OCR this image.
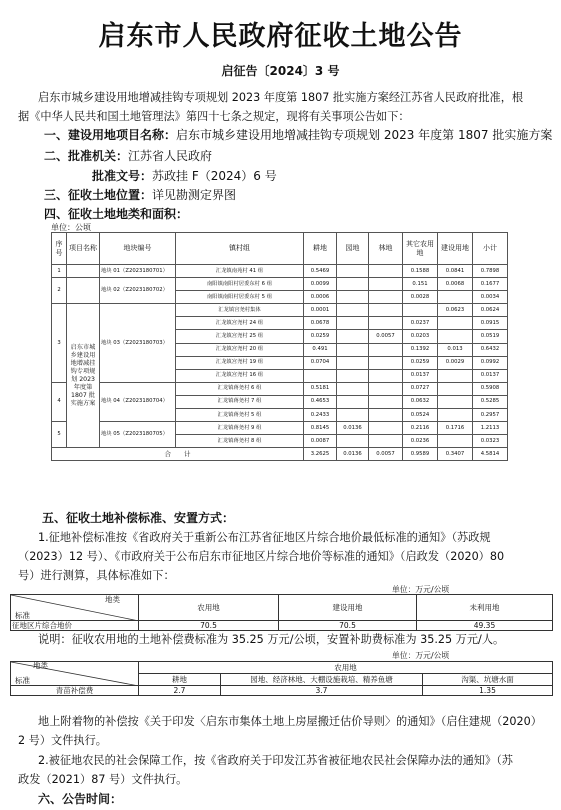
启东市人民政府征收土地公告
启征告〔2024〕3 号
启东市城乡建设用地增减挂钩专项规划 2023 年度第 1807 批实施方案经江苏省人民政府批准，根
据《中华人民共和国土地管理法》第四十七条之规定，现将有关事项公告如下：
一、建设用地项目名称：启东市城乡建设用地增减挂钩专项规划 2023 年度第 1807 批实施方案
二、批准机关：江苏省人民政府
批准文号：苏政挂 F（2024）6 号
三、征收土地位置：详见勘测定界图
四、征收土地地类和面积：
单位：公顷
序号	项目名称	地块编号	镇村组	耕地	园地	林地	其它农用地	建设用地	小计
1		地块 01（Z2023180701）	汇龙镇南苑村 41 组	0.5469			0.1588	0.0841	0.7898
2		地块 02（Z2023180702）	南阳镇南阳村居委东村 6 组	0.0099			0.151	0.0068	0.1677
			南阳镇南阳村居委东村 5 组	0.0006			0.0028		0.0034
3	启东市城乡建设用地增减挂钩专项规划 2023 年度第 1807 批实施方案	地块 03（Z2023180703）	汇龙镇宫尧村集体	0.0001				0.0623	0.0624
			汇龙镇宫尧村 24 组	0.0678			0.0237		0.0915
			汇龙镇宫尧村 25 组	0.0259		0.0057	0.0203		0.0519
			汇龙镇宫尧村 20 组	0.491			0.1392	0.013	0.6432
			汇龙镇宫尧村 19 组	0.0704			0.0259	0.0029	0.0992
			汇龙镇宫尧村 16 组				0.0137		0.0137
4		地块 04（Z2023180704）	汇龙镇蒋尧村 6 组	0.5181			0.0727		0.5908
			汇龙镇蒋尧村 7 组	0.4653			0.0632		0.5285
			汇龙镇蒋尧村 5 组	0.2433			0.0524		0.2957
5		地块 05（Z2023180705）	汇龙镇蒋尧村 9 组	0.8145	0.0136		0.2116	0.1716	1.2113
			汇龙镇蒋尧村 8 组	0.0087			0.0236		0.0323
合　　计				3.2625	0.0136	0.0057	0.9589	0.3407	4.5814
五、征收土地补偿标准、安置方式：
1.征地补偿标准按《省政府关于重新公布江苏省征地区片综合地价最低标准的通知》（苏政规
（2023）12 号）、《市政府关于公布启东市征地区片综合地价等标准的通知》（启政发（2020）80
号）进行测算，具体标准如下：
单位：万元/公顷
地类
标准	农用地	建设用地	未利用地
征地区片综合地价	70.5	70.5	49.35
说明：征收农用地的土地补偿费标准为 35.25 万元/公顷，安置补助费标准为 35.25 万元/人。
单位：万元/公顷
地类
标准	农用地		
	耕地	园地、经济林地、大棚设施栽培、精养鱼塘	沟渠、坑塘水面
青苗补偿费	2.7	3.7	1.35
地上附着物的补偿按《关于印发〈启东市集体土地上房屋搬迁估价导则〉的通知》（启住建规（2020）
2 号）文件执行。
2.被征地农民的社会保障工作，按《省政府关于印发江苏省被征地农民社会保障办法的通知》（苏
政发（2021）87 号）文件执行。
六、公告时间：
